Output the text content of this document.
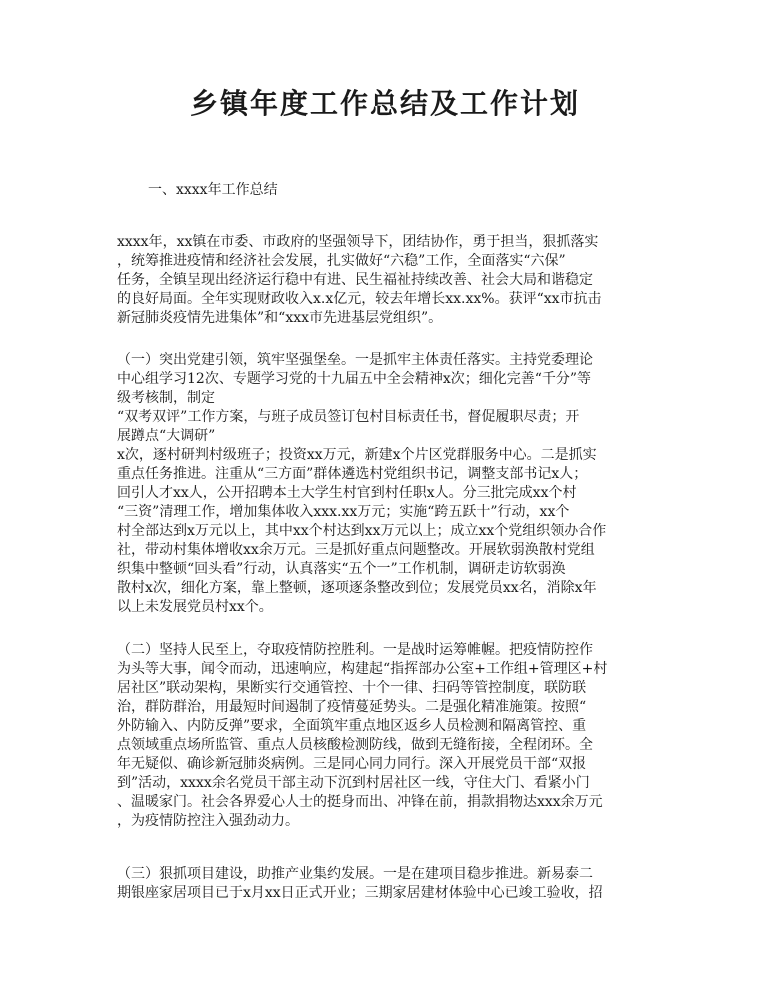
乡镇年度工作总结及工作计划

一、xxxx年工作总结

xxxx年，xx镇在市委、市政府的坚强领导下，团结协作，勇于担当，狠抓落实
，统筹推进疫情和经济社会发展，扎实做好“六稳”工作，全面落实“六保”
任务，全镇呈现出经济运行稳中有进、民生福祉持续改善、社会大局和谐稳定
的良好局面。全年实现财政收入x.x亿元，较去年增长xx.xx%。获评“xx市抗击
新冠肺炎疫情先进集体”和“xxx市先进基层党组织”。
（一）突出党建引领，筑牢坚强堡垒。一是抓牢主体责任落实。主持党委理论
中心组学习12次、专题学习党的十九届五中全会精神x次；细化完善“千分”等
级考核制，制定
“双考双评”工作方案，与班子成员签订包村目标责任书，督促履职尽责；开
展蹲点“大调研”
x次，逐村研判村级班子；投资xx万元，新建x个片区党群服务中心。二是抓实
重点任务推进。注重从“三方面”群体遴选村党组织书记，调整支部书记x人；
回引人才xx人，公开招聘本土大学生村官到村任职x人。分三批完成xx个村
“三资”清理工作，增加集体收入xxx.xx万元；实施“跨五跃十”行动，xx个
村全部达到x万元以上，其中xx个村达到xx万元以上；成立xx个党组织领办合作
社，带动村集体增收xx余万元。三是抓好重点问题整改。开展软弱涣散村党组
织集中整顿“回头看”行动，认真落实“五个一”工作机制，调研走访软弱涣
散村x次，细化方案，靠上整顿，逐项逐条整改到位；发展党员xx名，消除x年
以上未发展党员村xx个。
（二）坚持人民至上，夺取疫情防控胜利。一是战时运筹帷幄。把疫情防控作
为头等大事，闻令而动，迅速响应，构建起“指挥部办公室+工作组+管理区+村
居社区”联动架构，果断实行交通管控、十个一律、扫码等管控制度，联防联
治，群防群治，用最短时间遏制了疫情蔓延势头。二是强化精准施策。按照“
外防输入、内防反弹”要求，全面筑牢重点地区返乡人员检测和隔离管控、重
点领域重点场所监管、重点人员核酸检测防线，做到无缝衔接，全程闭环。全
年无疑似、确诊新冠肺炎病例。三是同心同力同行。深入开展党员干部“双报
到”活动，xxxx余名党员干部主动下沉到村居社区一线，守住大门、看紧小门
、温暖家门。社会各界爱心人士的挺身而出、冲锋在前，捐款捐物达xxx余万元
，为疫情防控注入强劲动力。
（三）狠抓项目建设，助推产业集约发展。一是在建项目稳步推进。新易泰二
期银座家居项目已于x月xx日正式开业；三期家居建材体验中心已竣工验收，招
